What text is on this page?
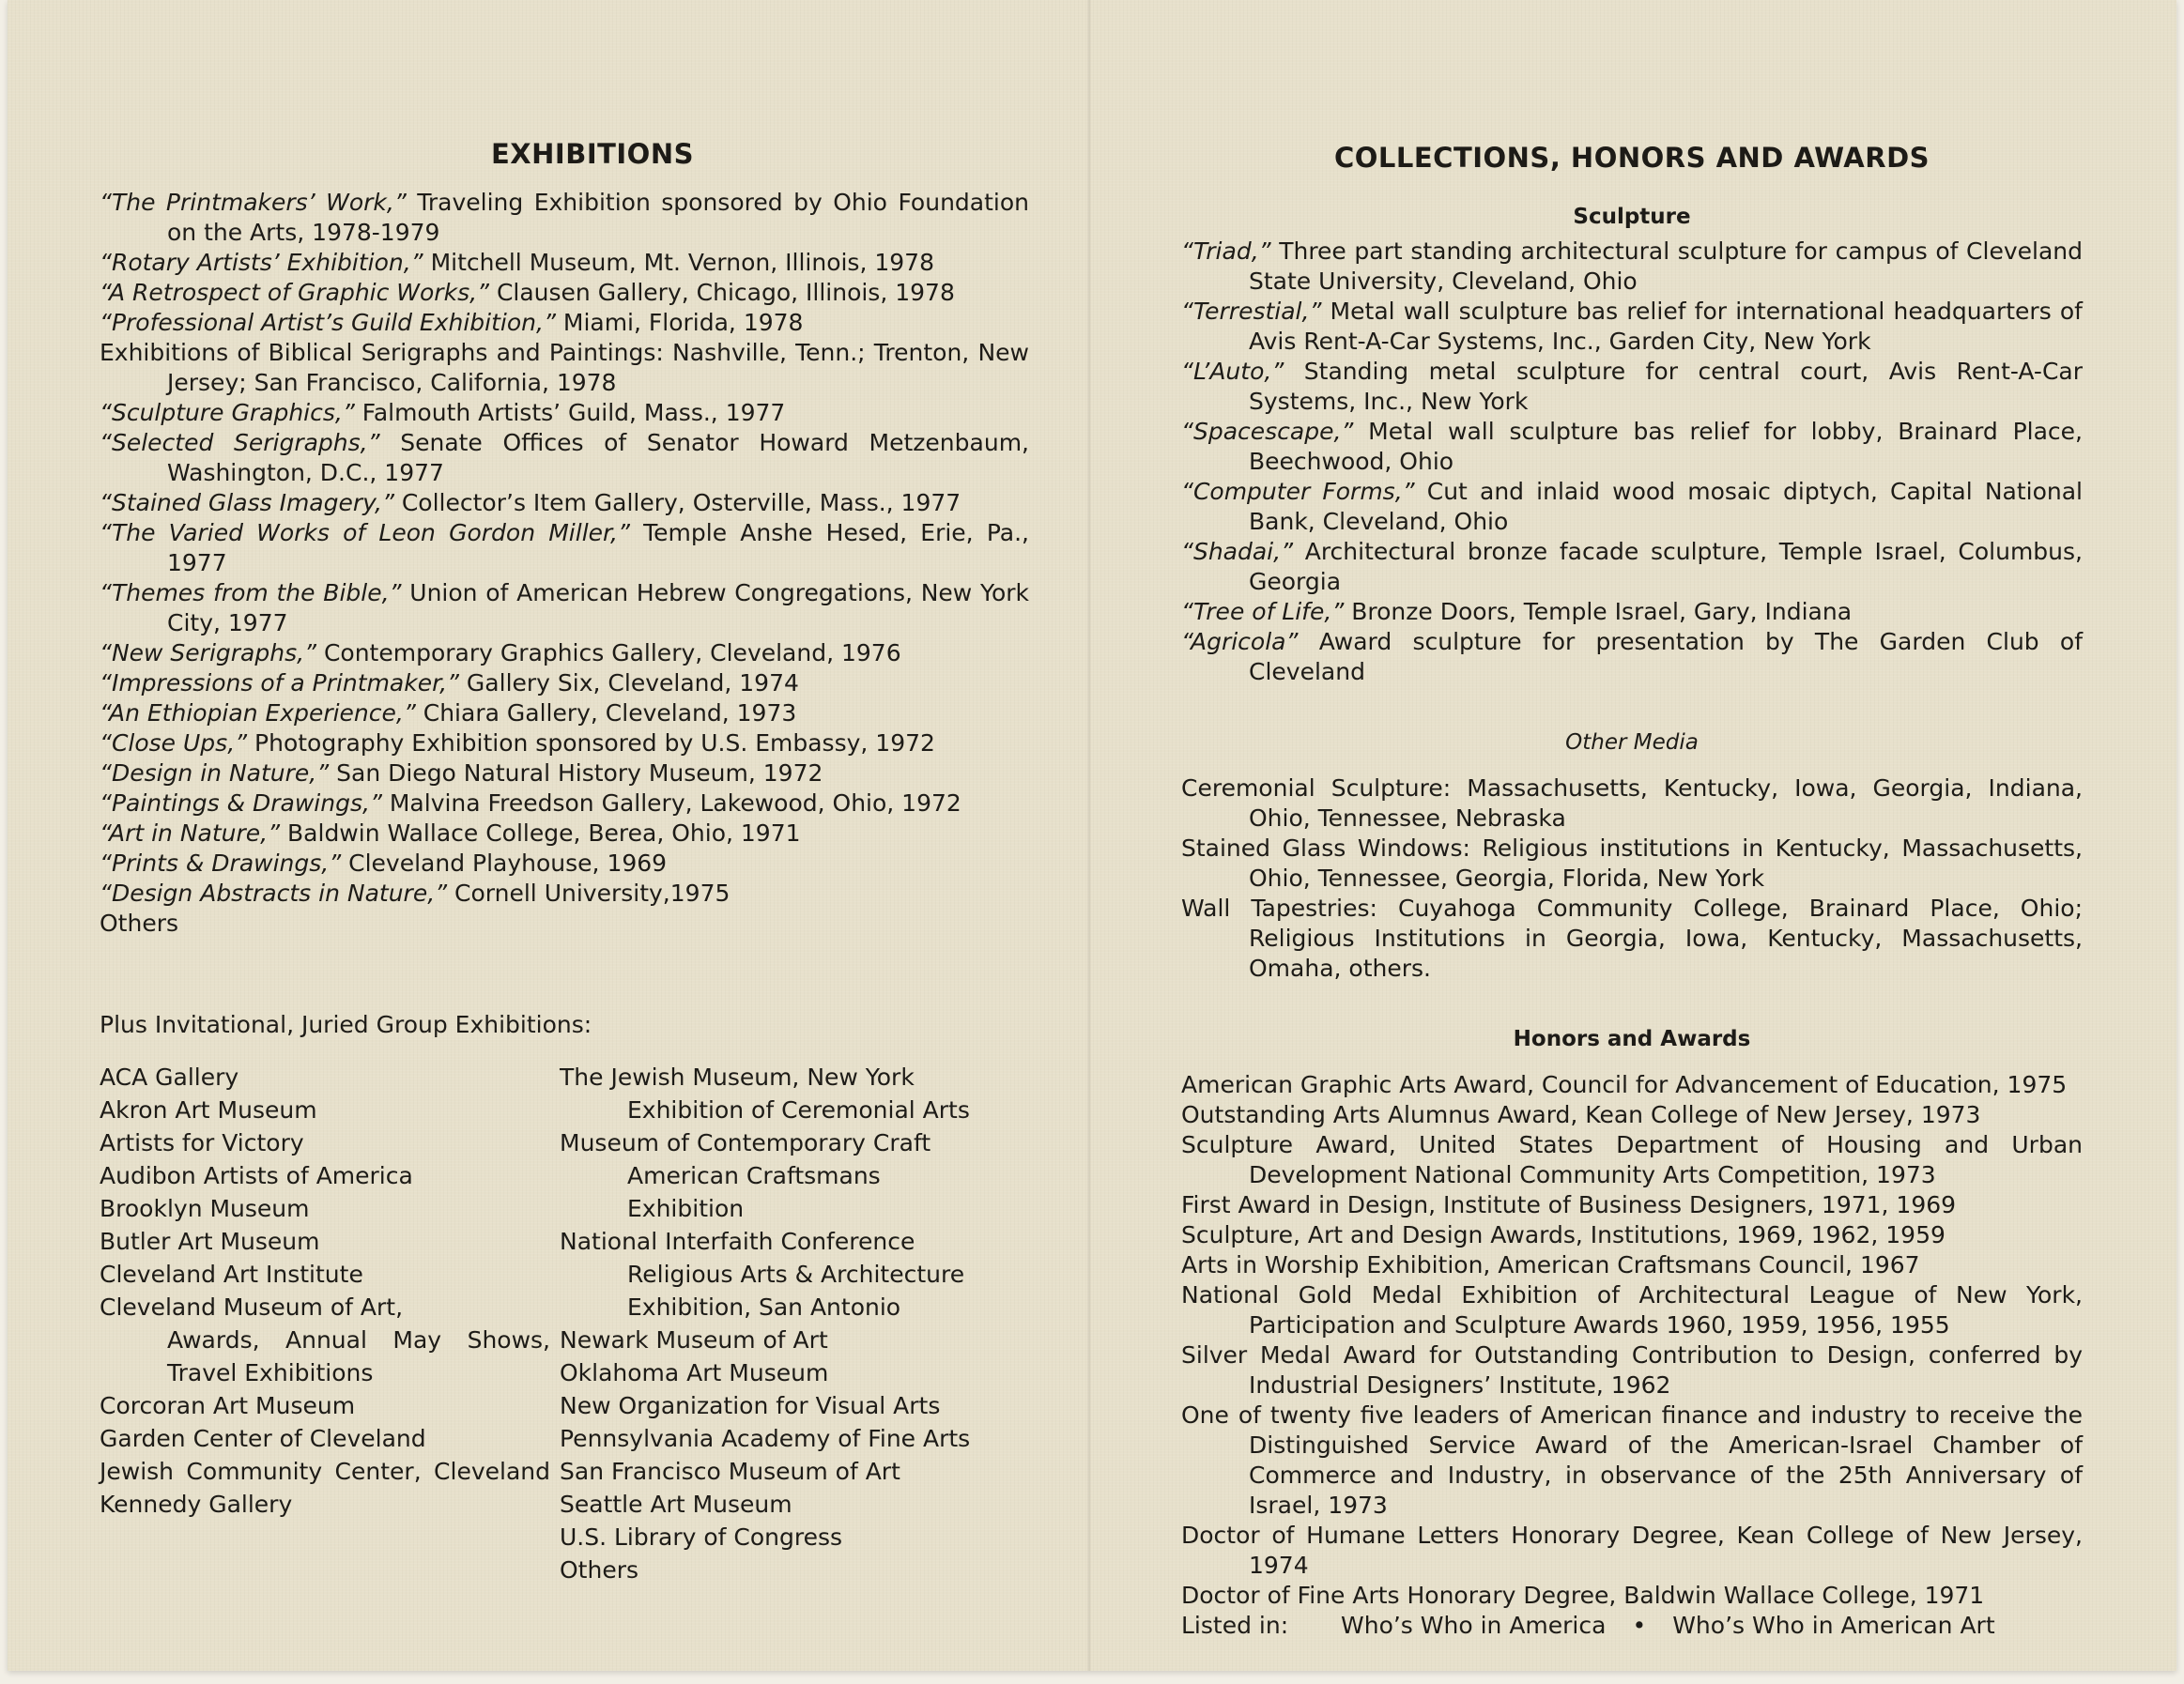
EXHIBITIONS

“The Printmakers’ Work,” Traveling Exhibition sponsored by Ohio Foundation on the Arts, 1978-1979

“Rotary Artists’ Exhibition,” Mitchell Museum, Mt. Vernon, Illinois, 1978

“A Retrospect of Graphic Works,” Clausen Gallery, Chicago, Illinois, 1978

“Professional Artist’s Guild Exhibition,” Miami, Florida, 1978

Exhibitions of Biblical Serigraphs and Paintings: Nashville, Tenn.; Trenton, New Jersey; San Francisco, California, 1978

“Sculpture Graphics,” Falmouth Artists’ Guild, Mass., 1977

“Selected Serigraphs,” Senate Offices of Senator Howard Metzenbaum, Washington, D.C., 1977

“Stained Glass Imagery,” Collector’s Item Gallery, Osterville, Mass., 1977

“The Varied Works of Leon Gordon Miller,” Temple Anshe Hesed, Erie, Pa., 1977

“Themes from the Bible,” Union of American Hebrew Congregations, New York City, 1977

“New Serigraphs,” Contemporary Graphics Gallery, Cleveland, 1976

“Impressions of a Printmaker,” Gallery Six, Cleveland, 1974

“An Ethiopian Experience,” Chiara Gallery, Cleveland, 1973

“Close Ups,” Photography Exhibition sponsored by U.S. Embassy, 1972

“Design in Nature,” San Diego Natural History Museum, 1972

“Paintings & Drawings,” Malvina Freedson Gallery, Lakewood, Ohio, 1972

“Art in Nature,” Baldwin Wallace College, Berea, Ohio, 1971

“Prints & Drawings,” Cleveland Playhouse, 1969

“Design Abstracts in Nature,” Cornell University,1975

Others

Plus Invitational, Juried Group Exhibitions:

ACA Gallery
Akron Art Museum
Artists for Victory
Audibon Artists of America
Brooklyn Museum
Butler Art Museum
Cleveland Art Institute
Cleveland Museum of Art,
Awards, Annual May Shows,
Travel Exhibitions
Corcoran Art Museum
Garden Center of Cleveland
Jewish Community Center, Cleveland
Kennedy Gallery
The Jewish Museum, New York
Exhibition of Ceremonial Arts
Museum of Contemporary Craft
American Craftsmans Exhibition
National Interfaith Conference
Religious Arts & Architecture
Exhibition, San Antonio
Newark Museum of Art
Oklahoma Art Museum
New Organization for Visual Arts
Pennsylvania Academy of Fine Arts
San Francisco Museum of Art
Seattle Art Museum
U.S. Library of Congress
Others
COLLECTIONS, HONORS AND AWARDS
Sculpture

“Triad,” Three part standing architectural sculpture for campus of Cleveland State University, Cleveland, Ohio

“Terrestial,” Metal wall sculpture bas relief for international headquarters of Avis Rent-A-Car Systems, Inc., Garden City, New York

“L’Auto,” Standing metal sculpture for central court, Avis Rent-A-Car Systems, Inc., New York

“Spacescape,” Metal wall sculpture bas relief for lobby, Brainard Place, Beechwood, Ohio

“Computer Forms,” Cut and inlaid wood mosaic diptych, Capital National Bank, Cleveland, Ohio

“Shadai,” Architectural bronze facade sculpture, Temple Israel, Columbus, Georgia

“Tree of Life,” Bronze Doors, Temple Israel, Gary, Indiana

“Agricola” Award sculpture for presentation by The Garden Club of Cleveland

Other Media

Ceremonial Sculpture: Massachusetts, Kentucky, Iowa, Georgia, Indiana, Ohio, Tennessee, Nebraska

Stained Glass Windows: Religious institutions in Kentucky, Massachusetts, Ohio, Tennessee, Georgia, Florida, New York

Wall Tapestries: Cuyahoga Community College, Brainard Place, Ohio; Religious Institutions in Georgia, Iowa, Kentucky, Massachusetts, Omaha, others.

Honors and Awards

American Graphic Arts Award, Council for Advancement of Education, 1975

Outstanding Arts Alumnus Award, Kean College of New Jersey, 1973

Sculpture Award, United States Department of Housing and Urban Development National Community Arts Competition, 1973

First Award in Design, Institute of Business Designers, 1971, 1969

Sculpture, Art and Design Awards, Institutions, 1969, 1962, 1959

Arts in Worship Exhibition, American Craftsmans Council, 1967

National Gold Medal Exhibition of Architectural League of New York, Participation and Sculpture Awards 1960, 1959, 1956, 1955

Silver Medal Award for Outstanding Contribution to Design, conferred by Industrial Designers’ Institute, 1962

One of twenty five leaders of American finance and industry to receive the Distinguished Service Award of the American-Israel Chamber of Commerce and Industry, in observance of the 25th Anniversary of Israel, 1973

Doctor of Humane Letters Honorary Degree, Kean College of New Jersey, 1974

Doctor of Fine Arts Honorary Degree, Baldwin Wallace College, 1971

Listed in:	Who’s Who in America • Who’s Who in American Art
